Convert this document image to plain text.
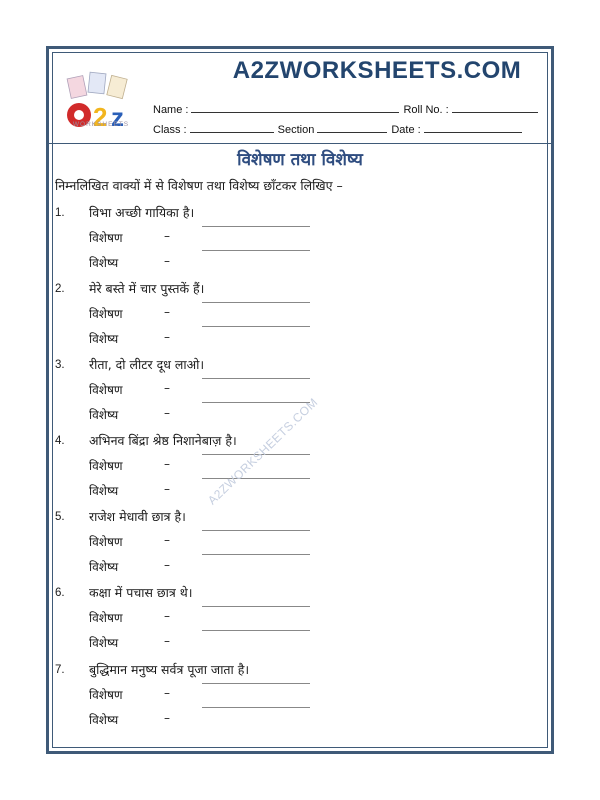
2 z
WORKSHEETS
A2ZWORKSHEETS.COM
Name :	Roll No. :
Class :	Section	Date :
विशेषण तथा विशेष्य
निम्नलिखित वाक्यों में से विशेषण तथा विशेष्य छाँटकर लिखिए –
1. विभा अच्छी गायिका है।
विशेषण	–
विशेष्य	–
2. मेरे बस्ते में चार पुस्तकें हैं।
विशेषण	–
विशेष्य	–
3. रीता, दो लीटर दूध लाओ।
विशेषण	–
विशेष्य	–
4. अभिनव बिंद्रा श्रेष्ठ निशानेबाज़ है।
विशेषण	–
विशेष्य	–
5. राजेश मेधावी छात्र है।
विशेषण	–
विशेष्य	–
6. कक्षा में पचास छात्र थे।
विशेषण	–
विशेष्य	–
7. बुद्धिमान मनुष्य सर्वत्र पूजा जाता है।
विशेषण	–
विशेष्य	–
A2ZWORKSHEETS.COM
